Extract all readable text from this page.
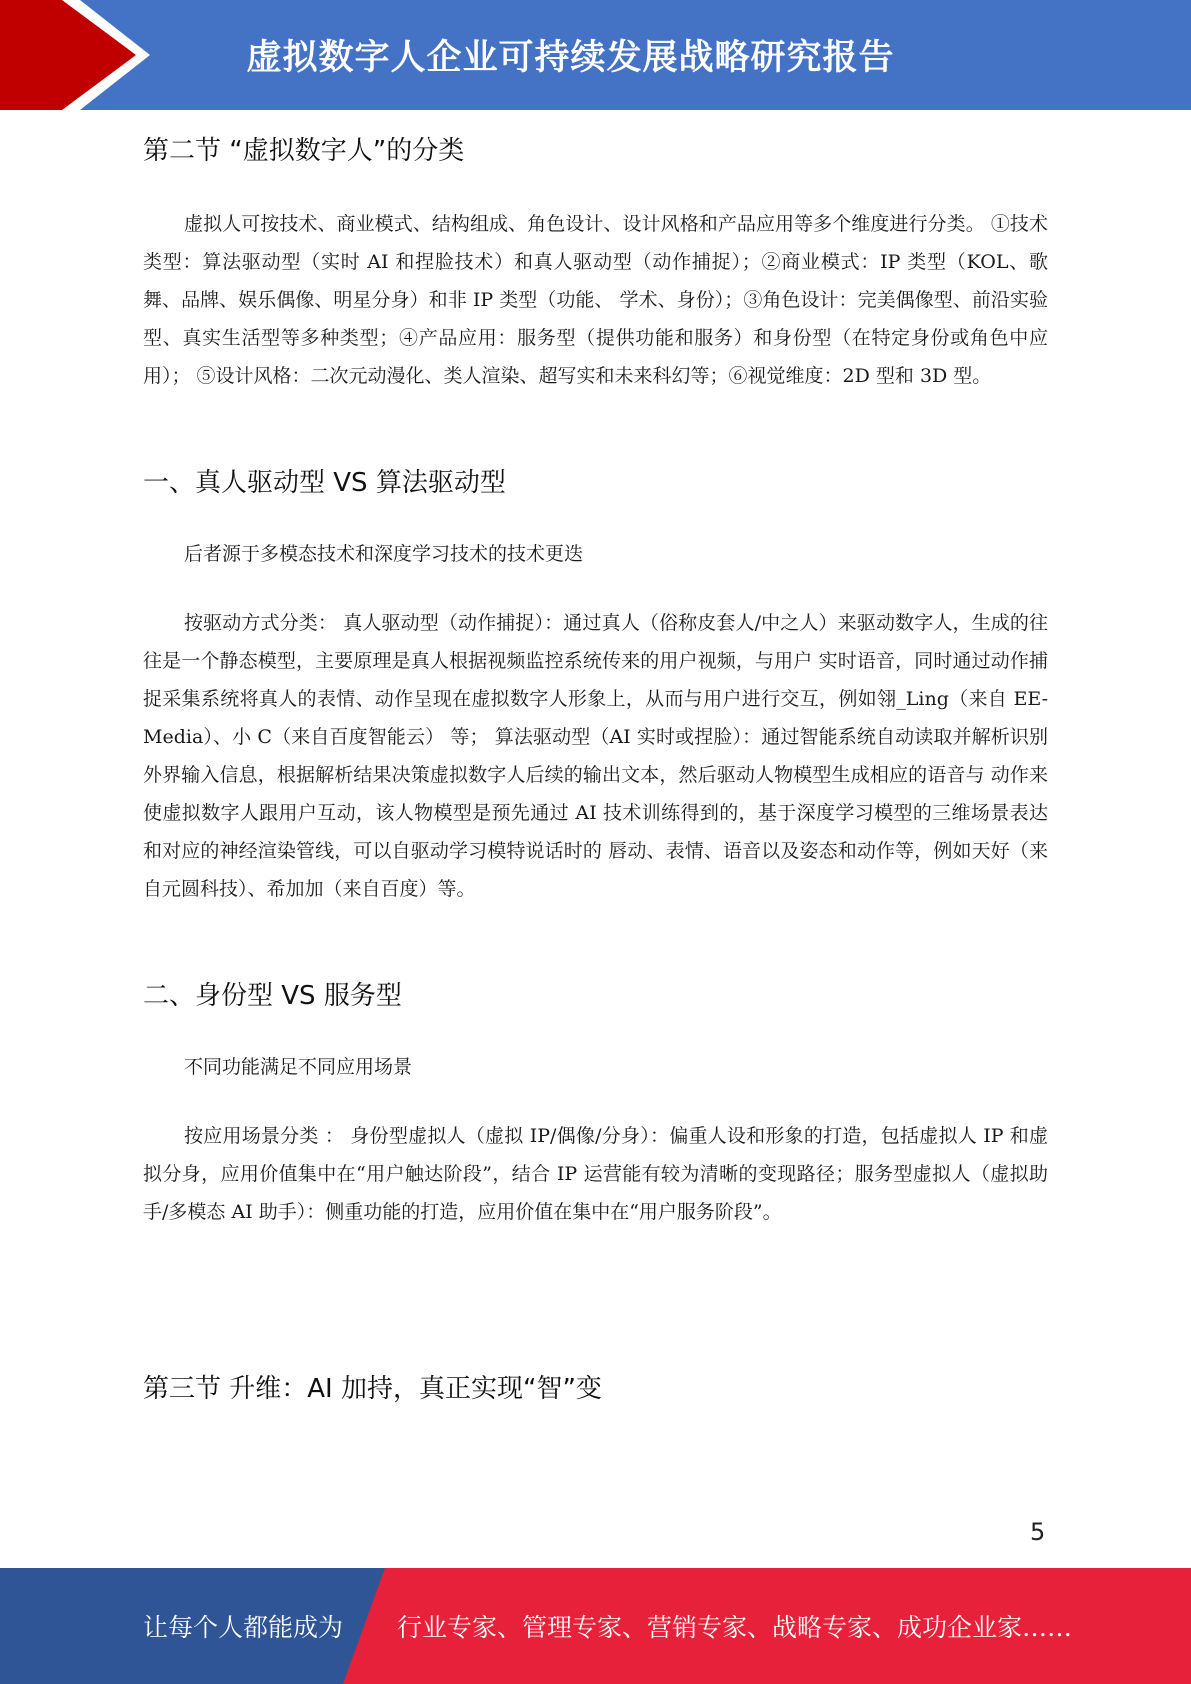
虚拟数字人企业可持续发展战略研究报告
第二节 “虚拟数字人”的分类

虚拟人可按技术、商业模式、结构组成、角色设计、设计风格和产品应用等多个维度进行分类。 ①技术类型：算法驱动型（实时 AI 和捏脸技术）和真人驱动型（动作捕捉）；②商业模式：IP 类型（KOL、歌舞、品牌、娱乐偶像、明星分身）和非 IP 类型（功能、 学术、身份）；③角色设计：完美偶像型、前沿实验型、真实生活型等多种类型；④产品应用：服务型（提供功能和服务）和身份型（在特定身份或角色中应用）； ⑤设计风格：二次元动漫化、类人渲染、超写实和未来科幻等；⑥视觉维度：2D 型和 3D 型。

一、真人驱动型 VS 算法驱动型
后者源于多模态技术和深度学习技术的技术更迭

按驱动方式分类： 真人驱动型（动作捕捉）：通过真人（俗称皮套人/中之人）来驱动数字人，生成的往往是一个静态模型，主要原理是真人根据视频监控系统传来的用户视频，与用户 实时语音，同时通过动作捕捉采集系统将真人的表情、动作呈现在虚拟数字人形象上，从而与用户进行交互，例如翎_Ling（来自 EE-Media）、小 C（来自百度智能云） 等； 算法驱动型（AI 实时或捏脸）：通过智能系统自动读取并解析识别外界输入信息，根据解析结果决策虚拟数字人后续的输出文本，然后驱动人物模型生成相应的语音与 动作来使虚拟数字人跟用户互动，该人物模型是预先通过 AI 技术训练得到的，基于深度学习模型的三维场景表达和对应的神经渲染管线，可以自驱动学习模特说话时的 唇动、表情、语音以及姿态和动作等，例如天好（来自元圆科技）、希加加（来自百度）等。

二、身份型 VS 服务型
不同功能满足不同应用场景

按应用场景分类 ： 身份型虚拟人（虚拟 IP/偶像/分身）：偏重人设和形象的打造，包括虚拟人 IP 和虚拟分身，应用价值集中在“用户触达阶段”，结合 IP 运营能有较为清晰的变现路径；服务型虚拟人（虚拟助手/多模态 AI 助手）：侧重功能的打造，应用价值在集中在“用户服务阶段”。

第三节 升维：AI 加持，真正实现“智”变
5
让每个人都能成为 行业专家、管理专家、营销专家、战略专家、成功企业家……
